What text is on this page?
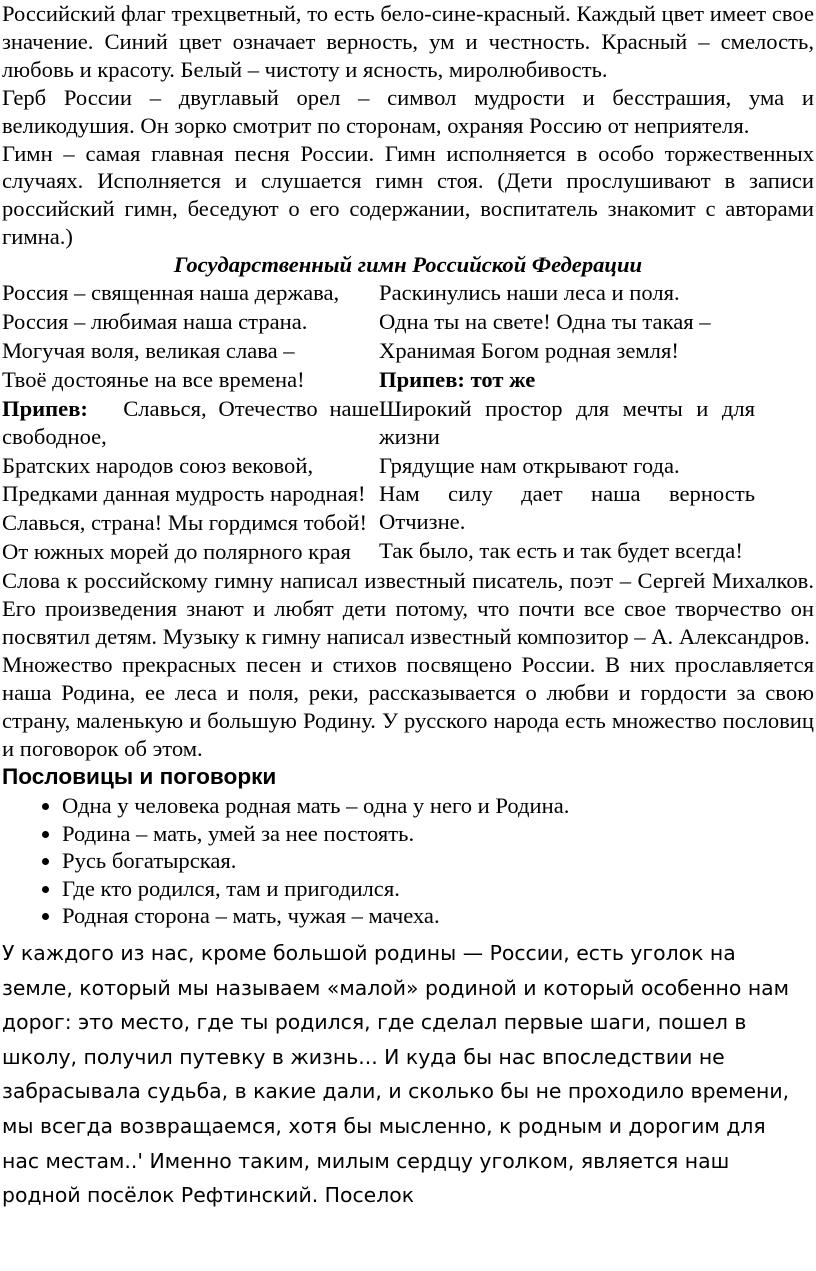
Российский флаг трехцветный, то есть бело-сине-красный. Каждый цвет имеет свое значение. Синий цвет означает верность, ум и честность. Красный – смелость, любовь и красоту. Белый – чистоту и ясность, миролюбивость.

Герб России – двуглавый орел – символ мудрости и бесстрашия, ума и великодушия. Он зорко смотрит по сторонам, охраняя Россию от неприятеля.

Гимн – самая главная песня России. Гимн исполняется в особо торжественных случаях. Исполняется и слушается гимн стоя. (Дети прослушивают в записи российский гимн, беседуют о его содержании, воспитатель знакомит с авторами гимна.)

Государственный гимн Российской Федерации

Россия – священная наша держава,

Россия – любимая наша страна.

Могучая воля, великая слава –

Твоё достоянье на все времена!

Припев: Славься, Отечество наше свободное,

Братских народов союз вековой,

Предками данная мудрость народная!

Славься, страна! Мы гордимся тобой!

От южных морей до полярного края

Раскинулись наши леса и поля.

Одна ты на свете! Одна ты такая –

Хранимая Богом родная земля!

Припев: тот же

Широкий простор для мечты и для жизни

Грядущие нам открывают года.

Нам силу дает наша верность Отчизне.

Так было, так есть и так будет всегда!

Слова к российскому гимну написал известный писатель, поэт – Сергей Михалков. Его произведения знают и любят дети потому, что почти все свое творчество он посвятил детям. Музыку к гимну написал известный композитор – А. Александров.

Множество прекрасных песен и стихов посвящено России. В них прославляется наша Родина, ее леса и поля, реки, рассказывается о любви и гордости за свою страну, маленькую и большую Родину. У русского народа есть множество пословиц и поговорок об этом.

Пословицы и поговорки
• Одна у человека родная мать – одна у него и Родина.
• Родина – мать, умей за нее постоять.
• Русь богатырская.
• Где кто родился, там и пригодился.
• Родная сторона – мать, чужая – мачеха.

У каждого из нас, кроме большой родины — России, есть уголок на земле, который мы называем «малой» родиной и который особенно нам дорог: это место, где ты родился, где сделал первые шаги, пошел в школу, получил путевку в жизнь... И куда бы нас впоследствии не забрасывала судьба, в какие дали, и сколько бы не проходило времени, мы всегда возвращаемся, хотя бы мысленно, к родным и дорогим для нас местам..' Именно таким, милым сердцу уголком, является наш родной посёлок Рефтинский. Поселок
